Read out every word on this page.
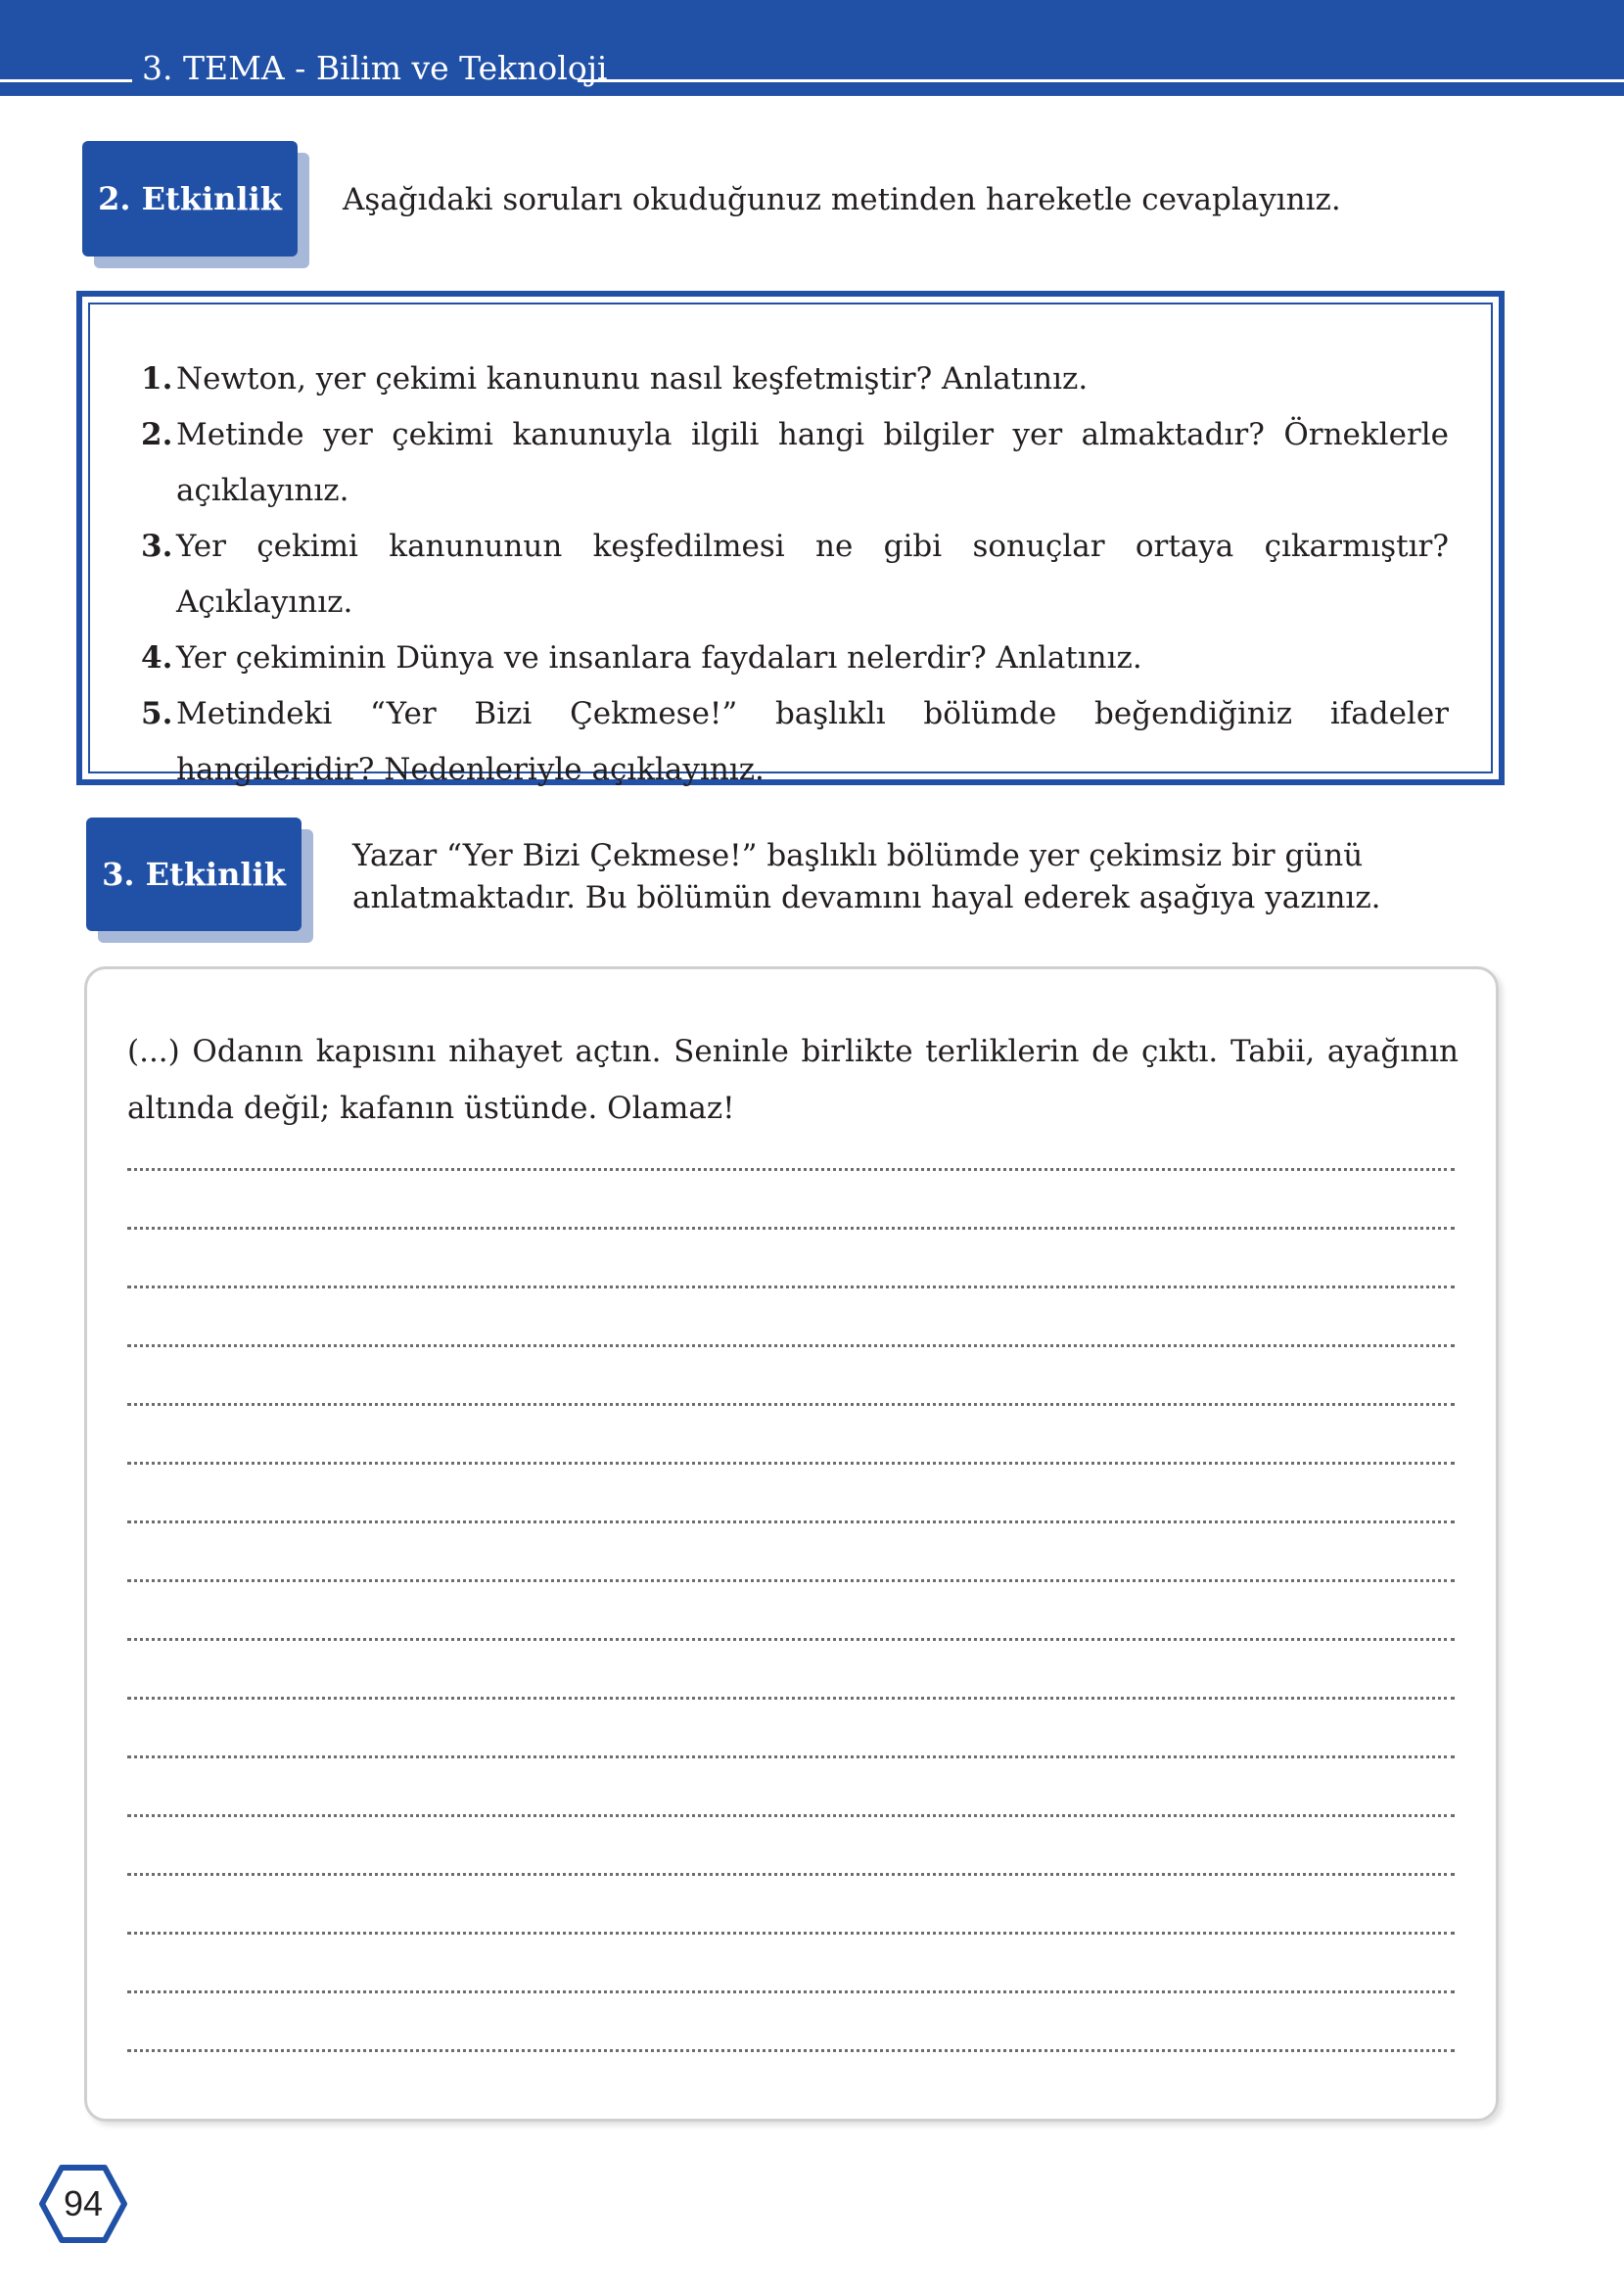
3. TEMA - Bilim ve Teknoloji
2. Etkinlik	Aşağıdaki soruları okuduğunuz metinden hareketle cevaplayınız.
1. Newton, yer çekimi kanununu nasıl keşfetmiştir? Anlatınız.
2. Metinde yer çekimi kanunuyla ilgili hangi bilgiler yer almaktadır? Örneklerle açıklayınız.
3. Yer çekimi kanununun keşfedilmesi ne gibi sonuçlar ortaya çıkarmıştır? Açıklayınız.
4. Yer çekiminin Dünya ve insanlara faydaları nelerdir? Anlatınız.
5. Metindeki “Yer Bizi Çekmese!” başlıklı bölümde beğendiğiniz ifadeler hangileridir? Nedenleriyle açıklayınız.
3. Etkinlik	Yazar “Yer Bizi Çekmese!” başlıklı bölümde yer çekimsiz bir günü anlatmaktadır. Bu bölümün devamını hayal ederek aşağıya yazınız.
(...) Odanın kapısını nihayet açtın. Seninle birlikte terliklerin de çıktı. Tabii, ayağının altında değil; kafanın üstünde. Olamaz!
94
